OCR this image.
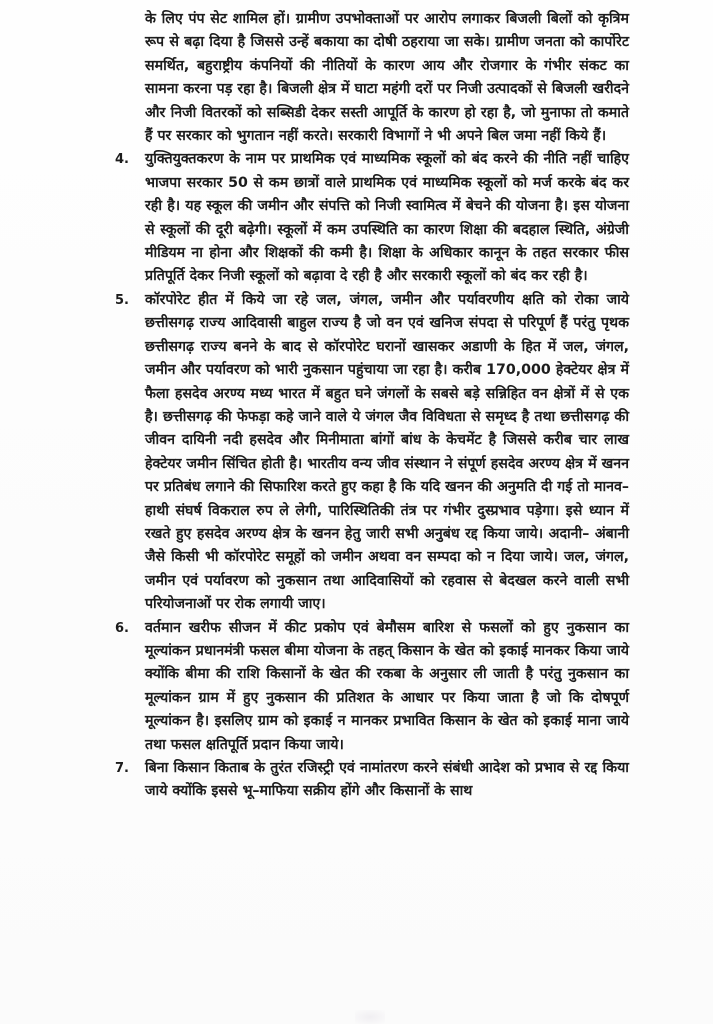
के लिए पंप सेट शामिल हों। ग्रामीण उपभोक्ताओं पर आरोप लगाकर बिजली बिलों को कृत्रिम रूप से बढ़ा दिया है जिससे उन्हें बकाया का दोषी ठहराया जा सके। ग्रामीण जनता को कार्पोरेट समर्थित, बहुराष्ट्रीय कंपनियों की नीतियों के कारण आय और रोजगार के गंभीर संकट का सामना करना पड़ रहा है। बिजली क्षेत्र में घाटा महंगी दरों पर निजी उत्पादकों से बिजली खरीदने और निजी वितरकों को सब्सिडी देकर सस्ती आपूर्ति के कारण हो रहा है, जो मुनाफा तो कमाते हैं पर सरकार को भुगतान नहीं करते। सरकारी विभागों ने भी अपने बिल जमा नहीं किये हैं।

4. युक्तियुक्तकरण के नाम पर प्राथमिक एवं माध्यमिक स्कूलों को बंद करने की नीति नहीं चाहिए भाजपा सरकार 50 से कम छात्रों वाले प्राथमिक एवं माध्यमिक स्कूलों को मर्ज करके बंद कर रही है। यह स्कूल की जमीन और संपत्ति को निजी स्वामित्व में बेचने की योजना है। इस योजना से स्कूलों की दूरी बढ़ेगी। स्कूलों में कम उपस्थिति का कारण शिक्षा की बदहाल स्थिति, अंग्रेजी मीडियम ना होना और शिक्षकों की कमी है। शिक्षा के अधिकार कानून के तहत सरकार फीस प्रतिपूर्ति देकर निजी स्कूलों को बढ़ावा दे रही है और सरकारी स्कूलों को बंद कर रही है।

5. कॉरपोरेट हीत में किये जा रहे जल, जंगल, जमीन और पर्यावरणीय क्षति को रोका जाये छत्तीसगढ़ राज्य आदिवासी बाहुल राज्य है जो वन एवं खनिज संपदा से परिपूर्ण हैं परंतु पृथक छत्तीसगढ़ राज्य बनने के बाद से कॉरपोरेट घरानों खासकर अडाणी के हित में जल, जंगल, जमीन और पर्यावरण को भारी नुकसान पहुंचाया जा रहा है। करीब 170,000 हेक्टेयर क्षेत्र में फैला हसदेव अरण्य मध्य भारत में बहुत घने जंगलों के सबसे बड़े सन्निहित वन क्षेत्रों में से एक है। छत्तीसगढ़ की फेफड़ा कहे जाने वाले ये जंगल जैव विविधता से समृध्द है तथा छत्तीसगढ़ की जीवन दायिनी नदी हसदेव और मिनीमाता बांगों बांध के केचमेंट है जिससे करीब चार लाख हेक्टेयर जमीन सिंचित होती है। भारतीय वन्य जीव संस्थान ने संपूर्ण हसदेव अरण्य क्षेत्र में खनन पर प्रतिबंध लगाने की सिफारिश करते हुए कहा है कि यदि खनन की अनुमति दी गई तो मानव–हाथी संघर्ष विकराल रुप ले लेगी, पारिस्थितिकी तंत्र पर गंभीर दुस्प्रभाव पड़ेगा। इसे ध्यान में रखते हुए हसदेव अरण्य क्षेत्र के खनन हेतु जारी सभी अनुबंध रद्द किया जाये। अदानी– अंबानी जैसे किसी भी कॉरपोरेट समूहों को जमीन अथवा वन सम्पदा को न दिया जाये। जल, जंगल, जमीन एवं पर्यावरण को नुकसान तथा आदिवासियों को रहवास से बेदखल करने वाली सभी परियोजनाओं पर रोक लगायी जाए।

6. वर्तमान खरीफ सीजन में कीट प्रकोप एवं बेमौसम बारिश से फसलों को हुए नुकसान का मूल्यांकन प्रधानमंत्री फसल बीमा योजना के तहत् किसान के खेत को इकाई मानकर किया जाये क्योंकि बीमा की राशि किसानों के खेत की रकबा के अनुसार ली जाती है परंतु नुकसान का मूल्यांकन ग्राम में हुए नुकसान की प्रतिशत के आधार पर किया जाता है जो कि दोषपूर्ण मूल्यांकन है। इसलिए ग्राम को इकाई न मानकर प्रभावित किसान के खेत को इकाई माना जाये तथा फसल क्षतिपूर्ति प्रदान किया जाये।

7. बिना किसान किताब के तुरंत रजिस्ट्री एवं नामांतरण करने संबंधी आदेश को प्रभाव से रद्द किया जाये क्योंकि इससे भू–माफिया सक्रीय होंगे और किसानों के साथ
